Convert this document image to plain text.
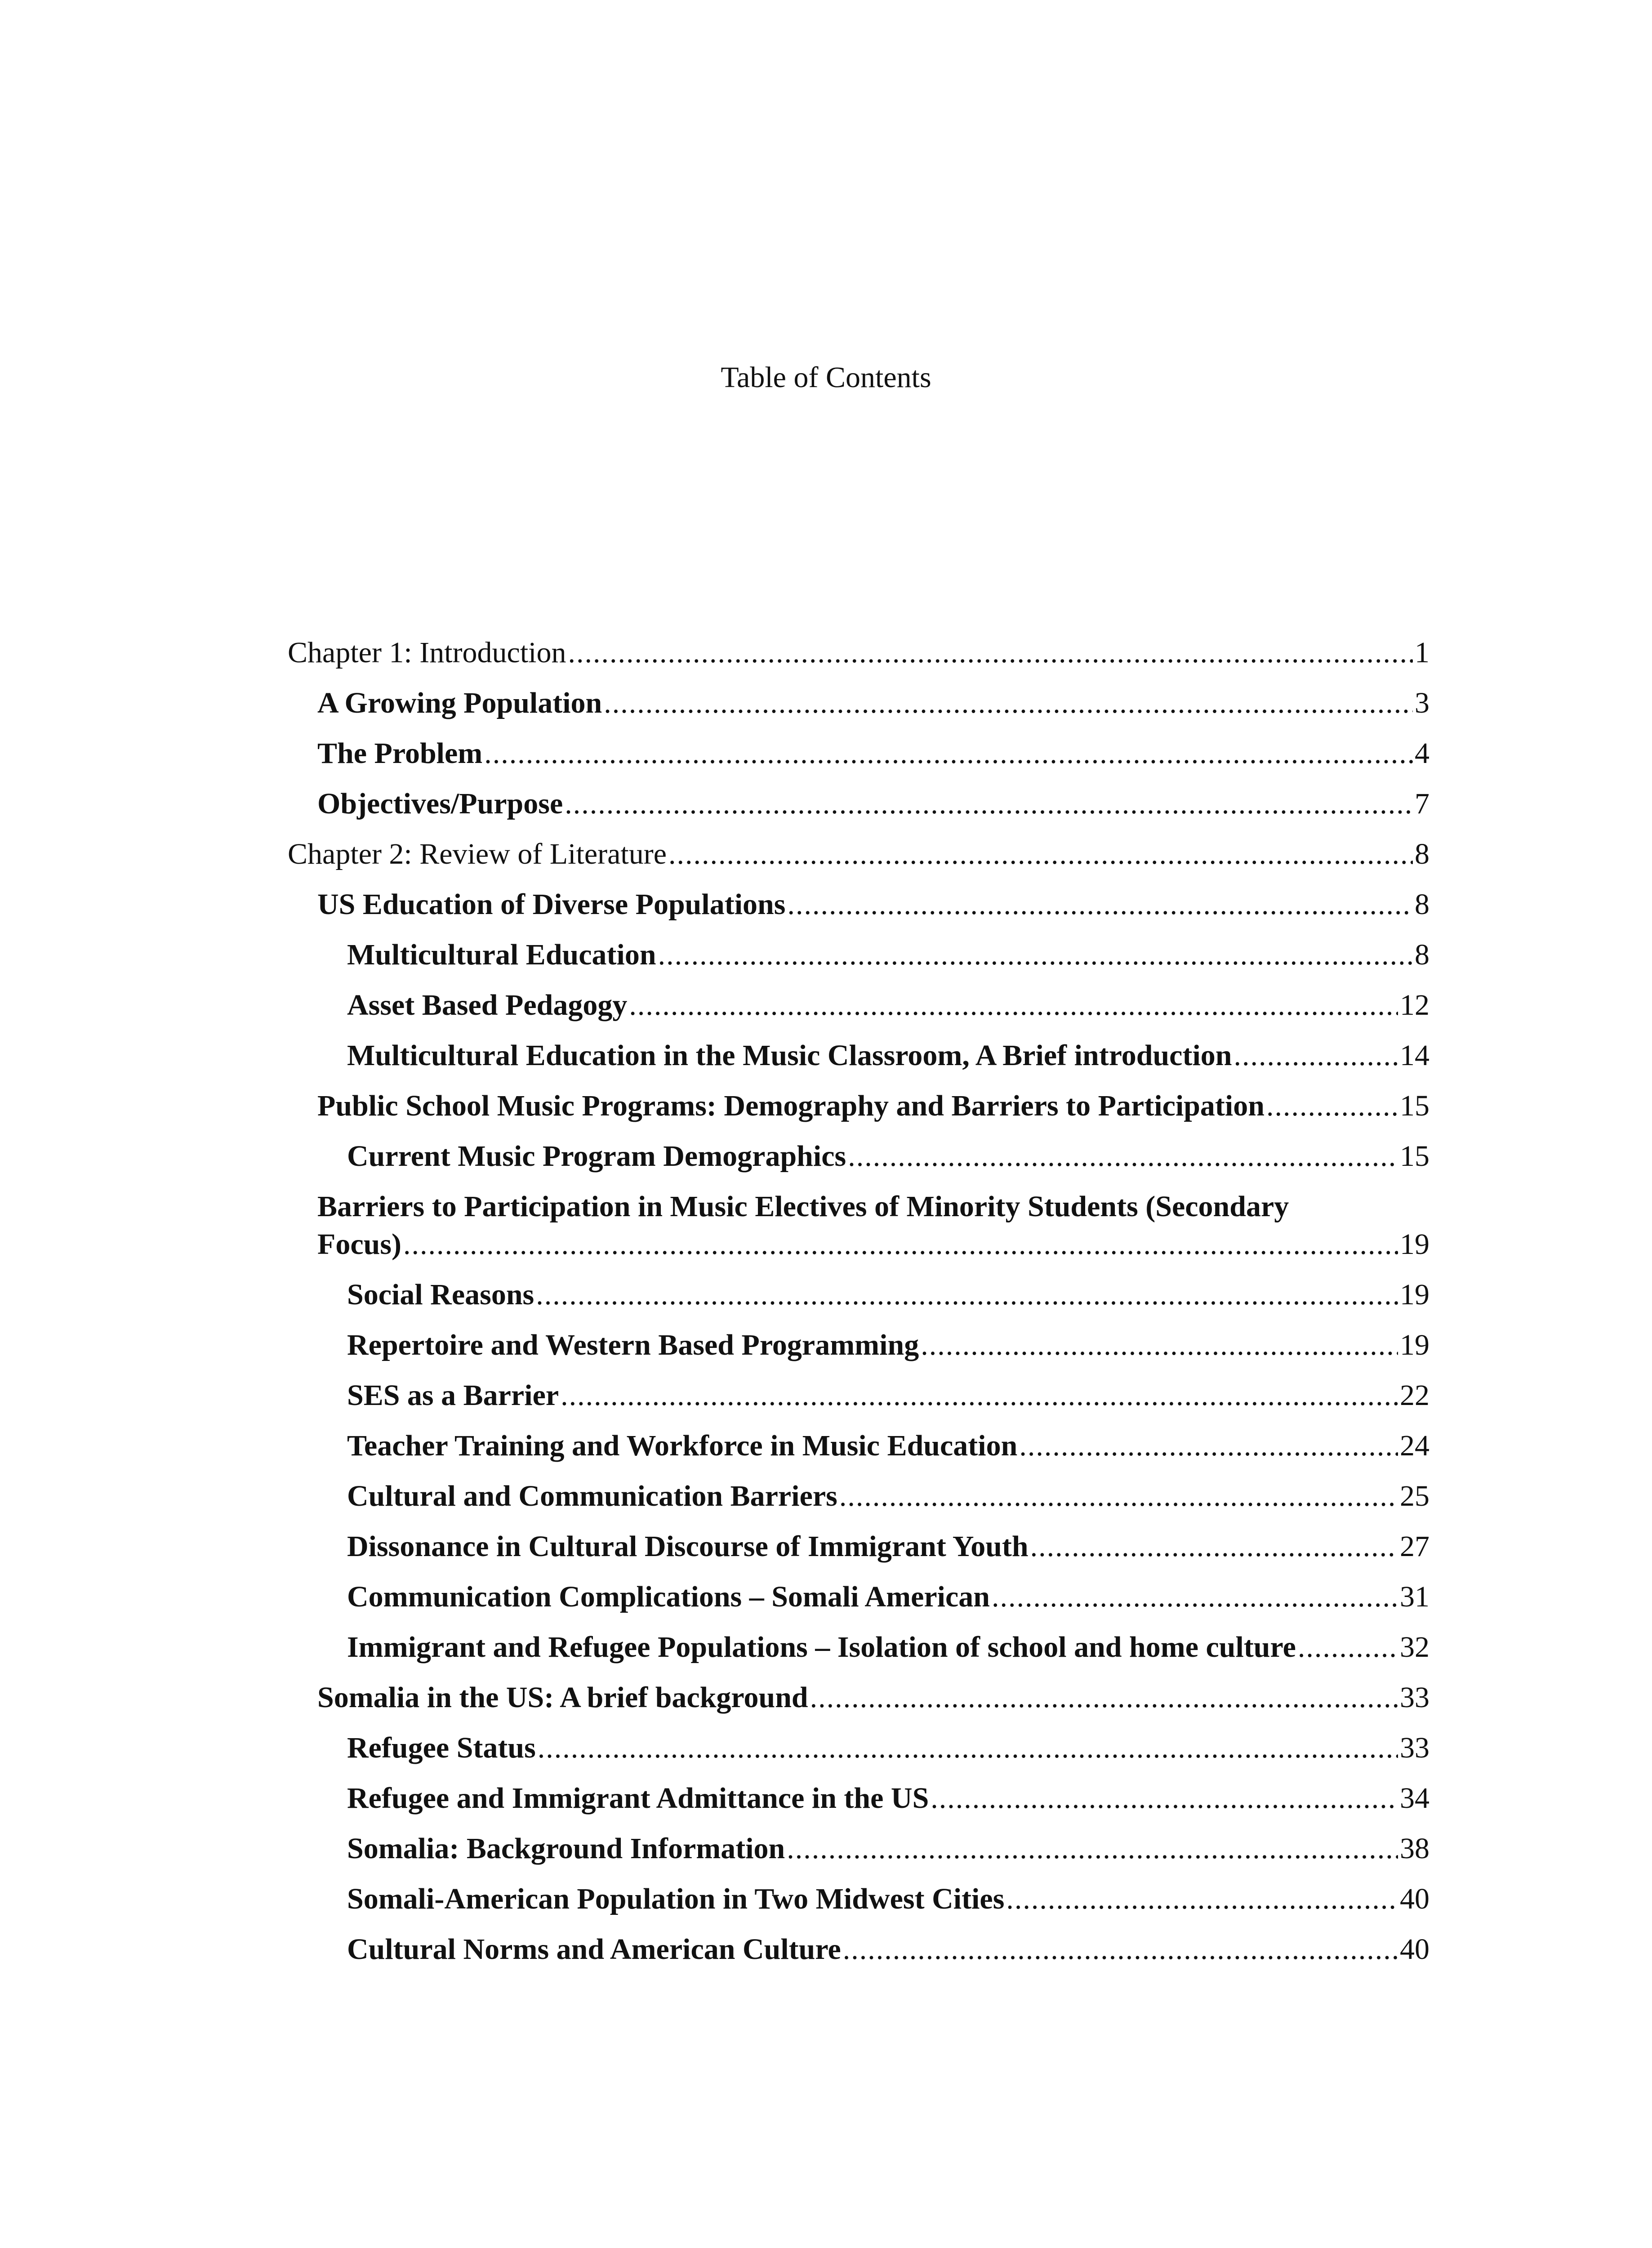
Table of Contents
Chapter 1: Introduction .....	1
A Growing Population .....	3
The Problem .....	4
Objectives/Purpose .....	7
Chapter 2: Review of Literature .....	8
US Education of Diverse Populations .....	8
Multicultural Education .....	8
Asset Based Pedagogy .....	12
Multicultural Education in the Music Classroom, A Brief introduction .....	14
Public School Music Programs: Demography and Barriers to Participation .....	15
Current Music Program Demographics .....	15
Barriers to Participation in Music Electives of Minority Students (Secondary
Focus) .....	19
Social Reasons .....	19
Repertoire and Western Based Programming .....	19
SES as a Barrier .....	22
Teacher Training and Workforce in Music Education .....	24
Cultural and Communication Barriers .....	25
Dissonance in Cultural Discourse of Immigrant Youth .....	27
Communication Complications – Somali American .....	31
Immigrant and Refugee Populations – Isolation of school and home culture .....	32
Somalia in the US: A brief background .....	33
Refugee Status .....	33
Refugee and Immigrant Admittance in the US .....	34
Somalia: Background Information .....	38
Somali-American Population in Two Midwest Cities .....	40
Cultural Norms and American Culture .....	40
